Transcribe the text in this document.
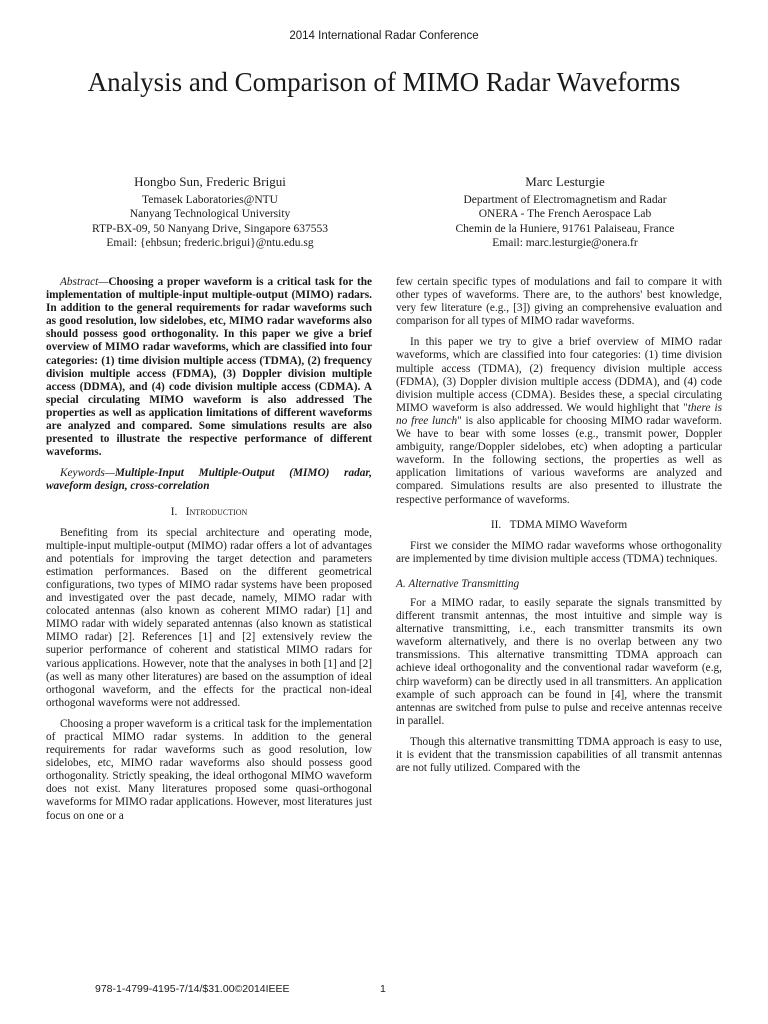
2014 International Radar Conference
Analysis and Comparison of MIMO Radar Waveforms
Hongbo Sun, Frederic Brigui
Temasek Laboratories@NTU
Nanyang Technological University
RTP-BX-09, 50 Nanyang Drive, Singapore 637553
Email: {ehbsun; frederic.brigui}@ntu.edu.sg
Marc Lesturgie
Department of Electromagnetism and Radar
ONERA - The French Aerospace Lab
Chemin de la Huniere, 91761 Palaiseau, France
Email: marc.lesturgie@onera.fr

Abstract—Choosing a proper waveform is a critical task for the implementation of multiple-input multiple-output (MIMO) radars. In addition to the general requirements for radar waveforms such as good resolution, low sidelobes, etc, MIMO radar waveforms also should possess good orthogonality. In this paper we give a brief overview of MIMO radar waveforms, which are classified into four categories: (1) time division multiple access (TDMA), (2) frequency division multiple access (FDMA), (3) Doppler division multiple access (DDMA), and (4) code division multiple access (CDMA). A special circulating MIMO waveform is also addressed The properties as well as application limitations of different waveforms are analyzed and compared. Some simulations results are also presented to illustrate the respective performance of different waveforms.

Keywords—Multiple-Input Multiple-Output (MIMO) radar, waveform design, cross-correlation

I. Introduction

Benefiting from its special architecture and operating mode, multiple-input multiple-output (MIMO) radar offers a lot of advantages and potentials for improving the target detection and parameters estimation performances. Based on the different geometrical configurations, two types of MIMO radar systems have been proposed and investigated over the past decade, namely, MIMO radar with colocated antennas (also known as coherent MIMO radar) [1] and MIMO radar with widely separated antennas (also known as statistical MIMO radar) [2]. References [1] and [2] extensively review the superior performance of coherent and statistical MIMO radars for various applications. However, note that the analyses in both [1] and [2] (as well as many other literatures) are based on the assumption of ideal orthogonal waveform, and the effects for the practical non-ideal orthogonal waveforms were not addressed.

Choosing a proper waveform is a critical task for the implementation of practical MIMO radar systems. In addition to the general requirements for radar waveforms such as good resolution, low sidelobes, etc, MIMO radar waveforms also should possess good orthogonality. Strictly speaking, the ideal orthogonal MIMO waveform does not exist. Many literatures proposed some quasi-orthogonal waveforms for MIMO radar applications. However, most literatures just focus on one or a

few certain specific types of modulations and fail to compare it with other types of waveforms. There are, to the authors' best knowledge, very few literature (e.g., [3]) giving an comprehensive evaluation and comparison for all types of MIMO radar waveforms.

In this paper we try to give a brief overview of MIMO radar waveforms, which are classified into four categories: (1) time division multiple access (TDMA), (2) frequency division multiple access (FDMA), (3) Doppler division multiple access (DDMA), and (4) code division multiple access (CDMA). Besides these, a special circulating MIMO waveform is also addressed. We would highlight that "there is no free lunch" is also applicable for choosing MIMO radar waveform. We have to bear with some losses (e.g., transmit power, Doppler ambiguity, range/Doppler sidelobes, etc) when adopting a particular waveform. In the following sections, the properties as well as application limitations of various waveforms are analyzed and compared. Simulations results are also presented to illustrate the respective performance of waveforms.

II. TDMA MIMO Waveform

First we consider the MIMO radar waveforms whose orthogonality are implemented by time division multiple access (TDMA) techniques.

A. Alternative Transmitting

For a MIMO radar, to easily separate the signals transmitted by different transmit antennas, the most intuitive and simple way is alternative transmitting, i.e., each transmitter transmits its own waveform alternatively, and there is no overlap between any two transmissions. This alternative transmitting TDMA approach can achieve ideal orthogonality and the conventional radar waveform (e.g, chirp waveform) can be directly used in all transmitters. An application example of such approach can be found in [4], where the transmit antennas are switched from pulse to pulse and receive antennas receive in parallel.

Though this alternative transmitting TDMA approach is easy to use, it is evident that the transmission capabilities of all transmit antennas are not fully utilized. Compared with the

978-1-4799-4195-7/14/$31.00©2014IEEE	1
